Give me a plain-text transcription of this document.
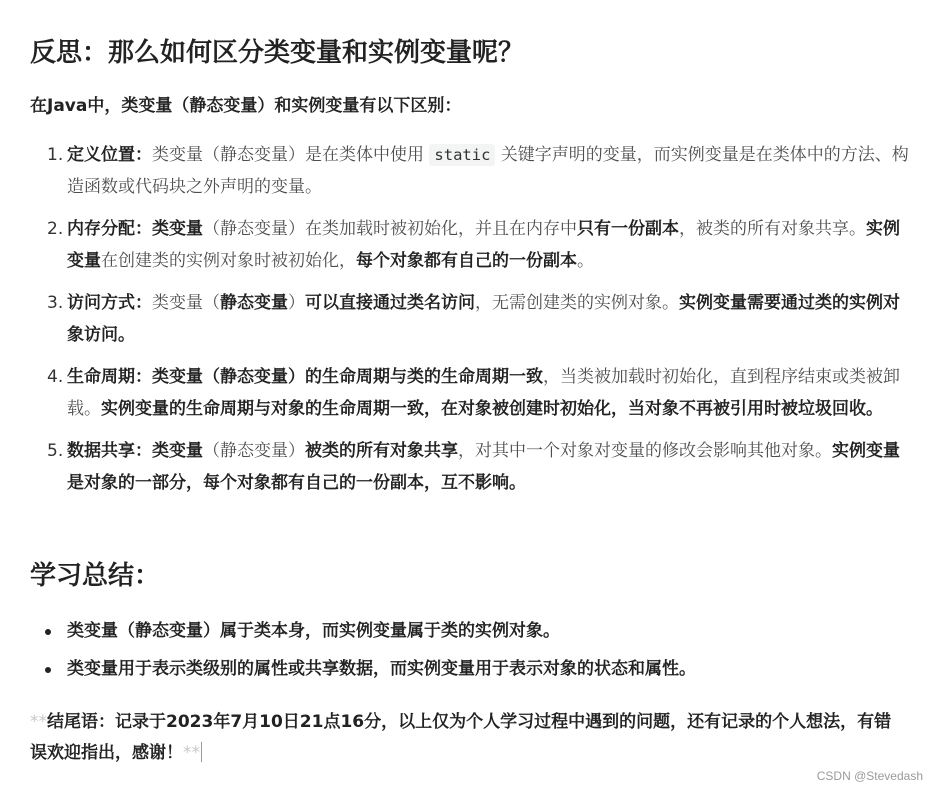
反思：那么如何区分类变量和实例变量呢？
在Java中，类变量（静态变量）和实例变量有以下区别：
1. 定义位置：类变量（静态变量）是在类体中使用 static 关键字声明的变量，而实例变量是在类体中的方法、构造函数或代码块之外声明的变量。
2. 内存分配：类变量（静态变量）在类加载时被初始化，并且在内存中只有一份副本，被类的所有对象共享。实例变量在创建类的实例对象时被初始化，每个对象都有自己的一份副本。
3. 访问方式：类变量（静态变量）可以直接通过类名访问，无需创建类的实例对象。实例变量需要通过类的实例对象访问。
4. 生命周期：类变量（静态变量）的生命周期与类的生命周期一致，当类被加载时初始化，直到程序结束或类被卸载。实例变量的生命周期与对象的生命周期一致，在对象被创建时初始化，当对象不再被引用时被垃圾回收。
5. 数据共享：类变量（静态变量）被类的所有对象共享，对其中一个对象对变量的修改会影响其他对象。实例变量是对象的一部分，每个对象都有自己的一份副本，互不影响。
学习总结：
类变量（静态变量）属于类本身，而实例变量属于类的实例对象。
类变量用于表示类级别的属性或共享数据，而实例变量用于表示对象的状态和属性。
**结尾语：记录于2023年7月10日21点16分，以上仅为个人学习过程中遇到的问题，还有记录的个人想法，有错误欢迎指出，感谢！**
CSDN @Stevedash
